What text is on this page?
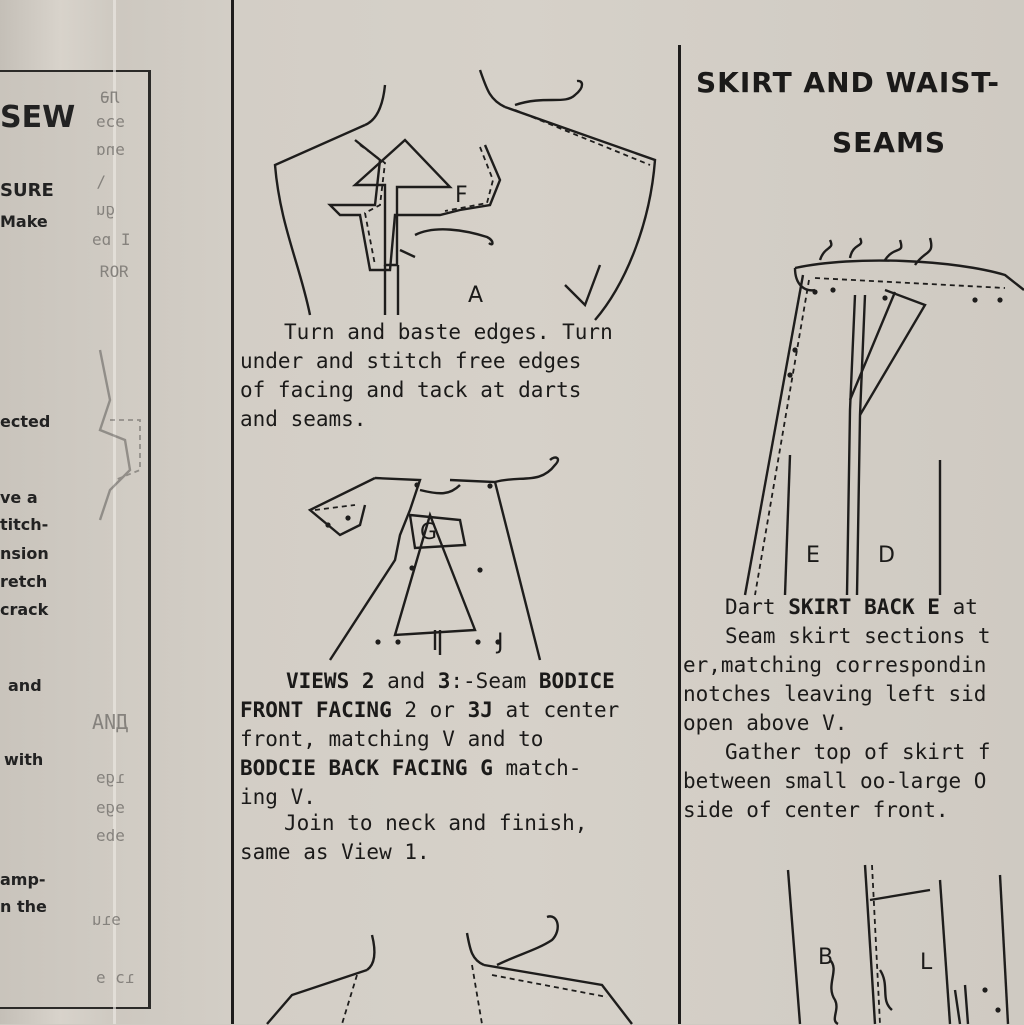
SEW
SURE
Make
ected
ve a
titch-
nsion
retch
crack
and
with
amp-
n the
ЛӘ
ɘɔɘ
ɘnɑ
\
ɡu
I ɒɘ
ЯОЯ
ДИА
ɿɡɘ
ɘɡɘ
ɘbɘ
ɘɿu
ɿɔ ɘ
F
A
Turn and baste edges. Turn
under and stitch free edges
of facing and tack at darts
and seams.
G
J
VIEWS 2 and 3:-Seam BODICE
FRONT FACING 2 or 3J at center
front, matching V and to
BODCIE BACK FACING G match-
ing V.
Join to neck and finish,
same as View 1.
SKIRT AND WAIST-
SEAMS
E	D
Dart SKIRT BACK E at
Seam skirt sections t
er,matching correspondin
notches leaving left sid
open above V.
Gather top of skirt f
between small oo-large O
side of center front.
B	L
